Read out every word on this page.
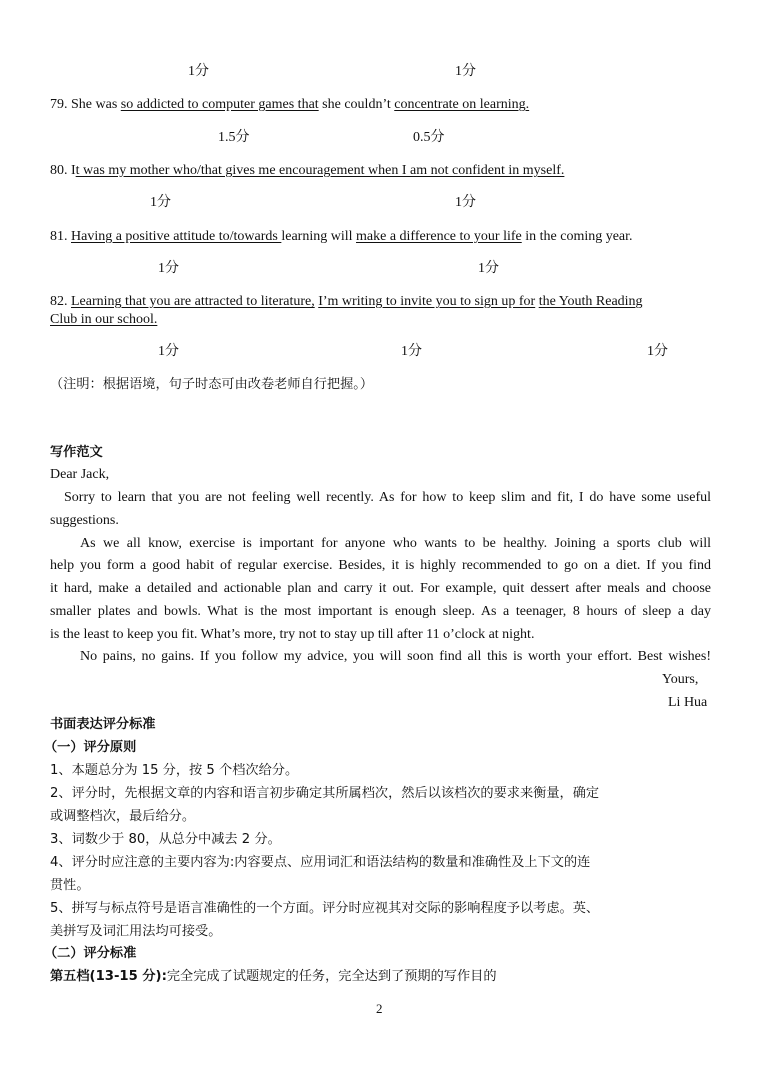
1分	1分
79. She was so addicted to computer games that she couldn’t concentrate on learning.
1.5分	0.5分
80. It was my mother who/that gives me encouragement when I am not confident in myself.
1分	1分
81. Having a positive attitude to/towards learning will make a difference to your life in the coming year.
1分	1分
82. Learning that you are attracted to literature, I’m writing to invite you to sign up for the Youth Reading
Club in our school.
1分	1分	1分
（注明：根据语境，句子时态可由改卷老师自行把握。）
写作范文
Dear Jack,
Sorry to learn that you are not feeling well recently. As for how to keep slim and fit, I do have some useful
suggestions.
As we all know, exercise is important for anyone who wants to be healthy. Joining a sports club will
help you form a good habit of regular exercise. Besides, it is highly recommended to go on a diet. If you find
it hard, make a detailed and actionable plan and carry it out. For example, quit dessert after meals and choose
smaller plates and bowls. What is the most important is enough sleep. As a teenager, 8 hours of sleep a day
is the least to keep you fit. What’s more, try not to stay up till after 11 o’clock at night.
No pains, no gains. If you follow my advice, you will soon find all this is worth your effort. Best wishes!
Yours,
Li Hua
书面表达评分标准
（一）评分原则
1、本题总分为 15 分，按 5 个档次给分。
2、评分时，先根据文章的内容和语言初步确定其所属档次，然后以该档次的要求来衡量，确定
或调整档次，最后给分。
3、词数少于 80，从总分中减去 2 分。
4、评分时应注意的主要内容为:内容要点、应用词汇和语法结构的数量和准确性及上下文的连
贯性。
5、拼写与标点符号是语言准确性的一个方面。评分时应视其对交际的影响程度予以考虑。英、
美拼写及词汇用法均可接受。
（二）评分标准
第五档(13-15 分):完全完成了试题规定的任务，完全达到了预期的写作目的
2
